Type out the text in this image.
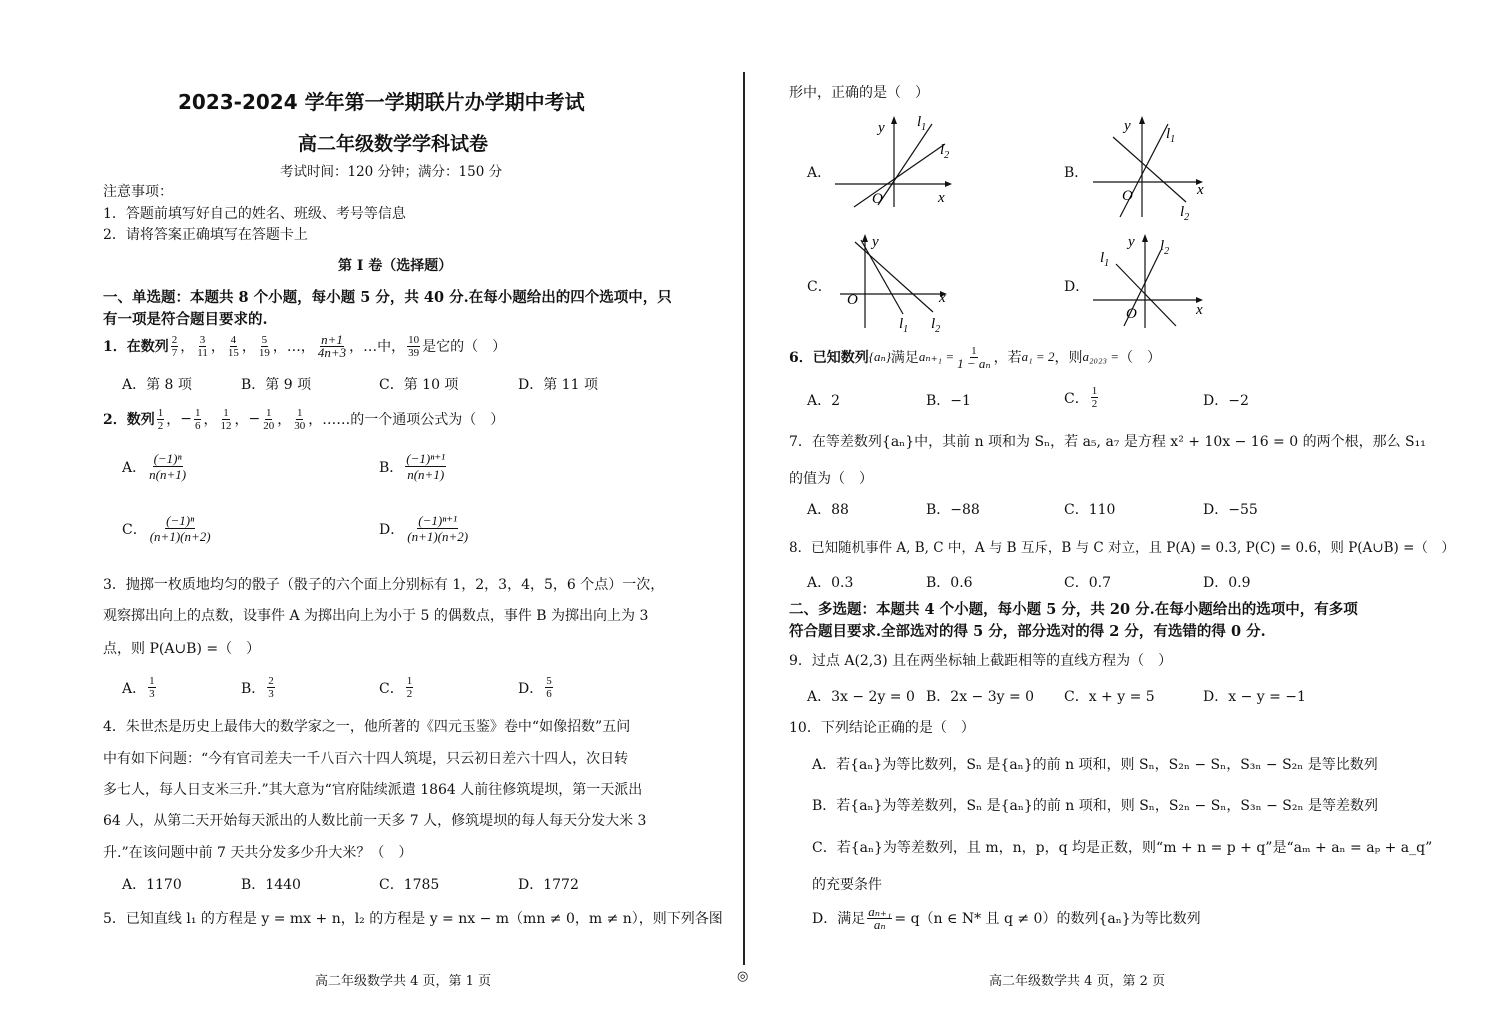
2023-2024 学年第一学期联片办学期中考试
高二年级数学学科试卷
考试时间：120 分钟；满分：150 分
注意事项：
1．答题前填写好自己的姓名、班级、考号等信息
2．请将答案正确填写在答题卡上
第 I 卷（选择题）
一、单选题：本题共 8 个小题，每小题 5 分，共 40 分.在每小题给出的四个选项中，只
有一项是符合题目要求的.
1．在数列 $\frac{2}{7}$ ， $\frac{3}{11}$ ， $\frac{4}{15}$ ， $\frac{5}{19}$ ，…， $\frac{n+1}{4n+3}$ ，…中， $\frac{10}{39}$ 是它的（　）
A．第 8 项	B．第 9 项	C．第 10 项	D．第 11 项
2．数列 $\frac{1}{2}$ ， − $\frac{1}{6}$ ， $\frac{1}{12}$ ， − $\frac{1}{20}$ ， $\frac{1}{30}$ ，……的一个通项公式为（　）
A． $\frac{\text{(−1)ⁿ}}{n(n+1)}$	B． $\frac{\text{(−1)ⁿ⁺¹}}{n(n+1)}$
C． $\frac{\text{(−1)ⁿ}}{(n+1)(n+2)}$	D． $\frac{\text{(−1)ⁿ⁺¹}}{(n+1)(n+2)}$
3．抛掷一枚质地均匀的骰子（骰子的六个面上分别标有 1，2，3，4，5，6 个点）一次，
观察掷出向上的点数，设事件 A 为掷出向上为小于 5 的偶数点，事件 B 为掷出向上为 3
点，则 P(A∪B) =（　）
A． $\frac{1}{3}$	B． $\frac{2}{3}$	C． $\frac{1}{2}$	D． $\frac{5}{6}$
4．朱世杰是历史上最伟大的数学家之一，他所著的《四元玉鉴》卷中“如像招数”五问
中有如下问题：“今有官司差夫一千八百六十四人筑堤，只云初日差六十四人，次日转
多七人，每人日支米三升.”其大意为“官府陆续派遣 1864 人前往修筑堤坝，第一天派出
64 人，从第二天开始每天派出的人数比前一天多 7 人，修筑堤坝的每人每天分发大米 3
升.”在该问题中前 7 天共分发多少升大米？（　）
A．1170	B．1440	C．1785	D．1772
5．已知直线 l₁ 的方程是 y = mx + n，l₂ 的方程是 y = nx − m（mn ≠ 0，m ≠ n），则下列各图
形中，正确的是（　）
A．
y
O	x
$l_1$
$l_2$
B．
y
O	x
$l_1$
$l_2$
C．
y
O	x
$l_1$ $l_2$
D．
y
O	x
$l_1$
$l_2$
6．已知数列 {aₙ} 满足 $a_{n+1} = \frac{1}{\text{1 − aₙ}}$ ，若 a₁ = 2 ，则 a₂₀₂₃ = （　）
A．2	B．−1	C． $\frac{1}{2}$	D．−2
7．在等差数列{aₙ}中，其前 n 项和为 Sₙ，若 a₅, a₇ 是方程 x² + 10x − 16 = 0 的两个根，那么 S₁₁
的值为（　）
A．88	B．−88	C．110	D．−55
8．已知随机事件 A, B, C 中，A 与 B 互斥，B 与 C 对立，且 P(A) = 0.3, P(C) = 0.6，则 P(A∪B) =（　）
A．0.3	B．0.6	C．0.7	D．0.9
二、多选题：本题共 4 个小题，每小题 5 分，共 20 分.在每小题给出的选项中，有多项
符合题目要求.全部选对的得 5 分，部分选对的得 2 分，有选错的得 0 分.
9．过点 A(2,3) 且在两坐标轴上截距相等的直线方程为（　）
A．3x − 2y = 0 B．2x − 3y = 0 C．x + y = 5	D．x − y = −1
10．下列结论正确的是（　）
A．若{aₙ}为等比数列，Sₙ 是{aₙ}的前 n 项和，则 Sₙ，S₂ₙ − Sₙ，S₃ₙ − S₂ₙ 是等比数列
B．若{aₙ}为等差数列，Sₙ 是{aₙ}的前 n 项和，则 Sₙ，S₂ₙ − Sₙ，S₃ₙ − S₂ₙ 是等差数列
C．若{aₙ}为等差数列，且 m，n，p，q 均是正数，则“m + n = p + q”是“aₘ + aₙ = aₚ + a_q”
的充要条件
D．满足 $\frac{\text{aₙ₊₁}}{\text{aₙ}} = q(n$ ∈ N* 且 q ≠ 0）的数列{aₙ}为等比数列
高二年级数学共 4 页，第 1 页	◎	高二年级数学共 4 页，第 2 页
